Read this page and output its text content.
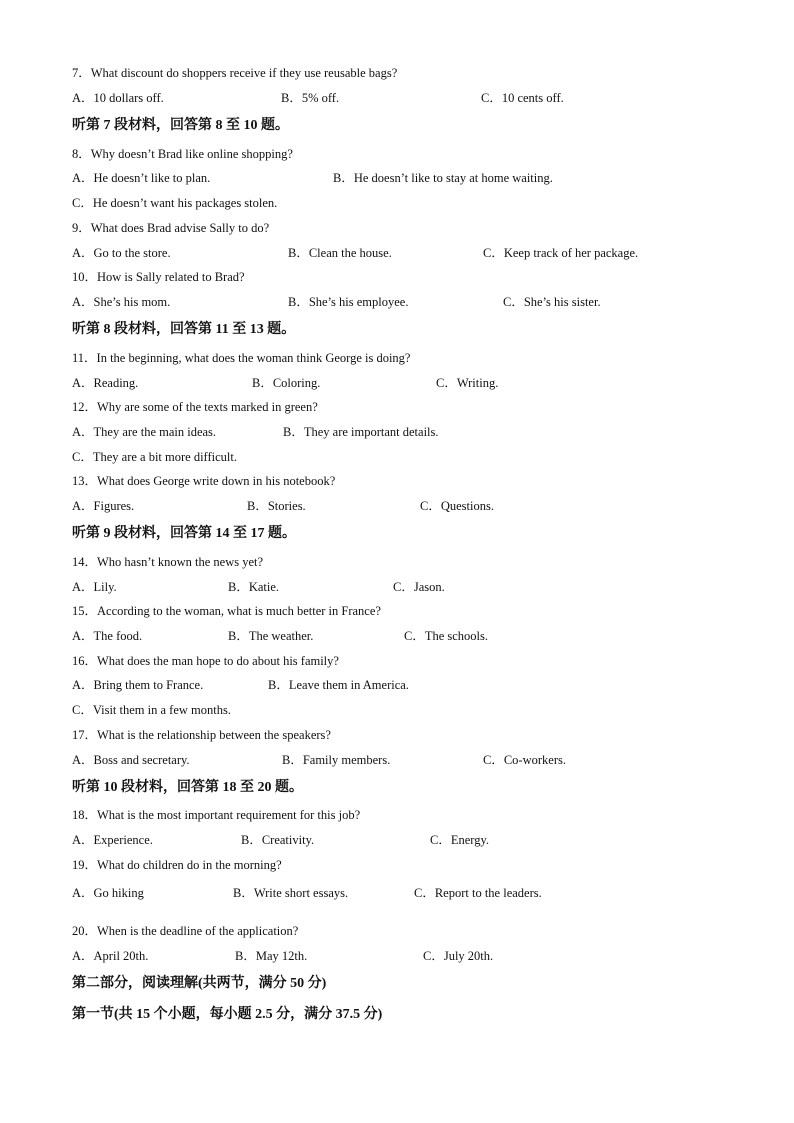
7．What discount do shoppers receive if they use reusable bags?
A．10 dollars off.	B．5% off.	C．10 cents off.
听第 7 段材料，回答第 8 至 10 题。
8．Why doesn’t Brad like online shopping?
A．He doesn’t like to plan.	B．He doesn’t like to stay at home waiting.
C．He doesn’t want his packages stolen.
9．What does Brad advise Sally to do?
A．Go to the store.	B．Clean the house.	C．Keep track of her package.
10．How is Sally related to Brad?
A．She’s his mom.	B．She’s his employee.	C．She’s his sister.
听第 8 段材料，回答第 11 至 13 题。
11．In the beginning, what does the woman think George is doing?
A．Reading.	B．Coloring.	C．Writing.
12．Why are some of the texts marked in green?
A．They are the main ideas.	B．They are important details.
C．They are a bit more difficult.
13．What does George write down in his notebook?
A．Figures.	B．Stories.	C．Questions.
听第 9 段材料，回答第 14 至 17 题。
14．Who hasn’t known the news yet?
A．Lily.	B．Katie.	C．Jason.
15．According to the woman, what is much better in France?
A．The food.	B．The weather.	C．The schools.
16．What does the man hope to do about his family?
A．Bring them to France.	B．Leave them in America.
C．Visit them in a few months.
17．What is the relationship between the speakers?
A．Boss and secretary.	B．Family members.	C．Co-workers.
听第 10 段材料，回答第 18 至 20 题。
18．What is the most important requirement for this job?
A．Experience.	B．Creativity.	C．Energy.
19．What do children do in the morning?
A．Go hiking	B．Write short essays.	C．Report to the leaders.
20．When is the deadline of the application?
A．April 20th.	B．May 12th.	C．July 20th.
第二部分，阅读理解(共两节，满分 50 分)
第一节(共 15 个小题，每小题 2.5 分，满分 37.5 分)
